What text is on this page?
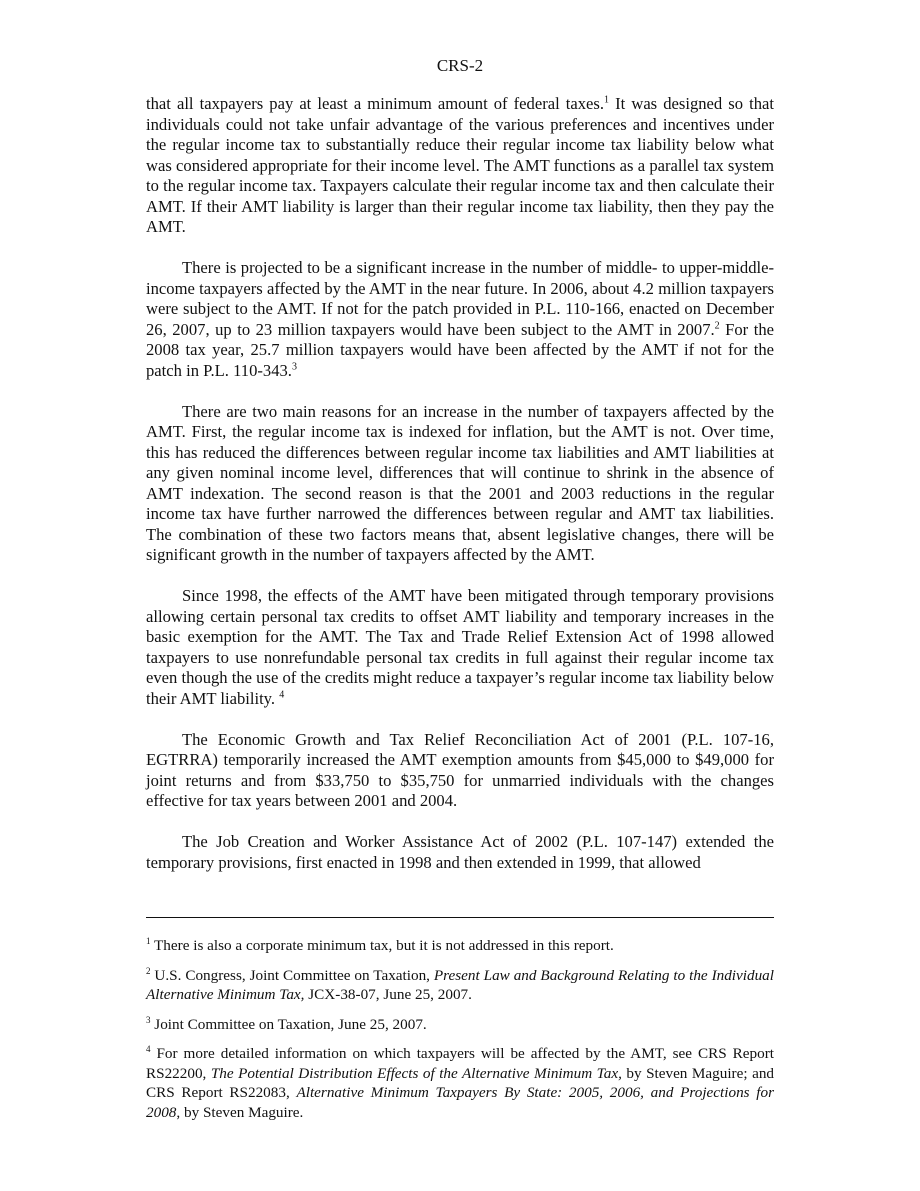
CRS-2

that all taxpayers pay at least a minimum amount of federal taxes.$^1$ It was designed so that individuals could not take unfair advantage of the various preferences and incentives under the regular income tax to substantially reduce their regular income tax liability below what was considered appropriate for their income level. The AMT functions as a parallel tax system to the regular income tax. Taxpayers calculate their regular income tax and then calculate their AMT. If their AMT liability is larger than their regular income tax liability, then they pay the AMT.

There is projected to be a significant increase in the number of middle- to upper-middle-income taxpayers affected by the AMT in the near future. In 2006, about 4.2 million taxpayers were subject to the AMT. If not for the patch provided in P.L. 110-166, enacted on December 26, 2007, up to 23 million taxpayers would have been subject to the AMT in 2007.$^2$ For the 2008 tax year, 25.7 million taxpayers would have been affected by the AMT if not for the patch in P.L. 110-343.$^3$

There are two main reasons for an increase in the number of taxpayers affected by the AMT. First, the regular income tax is indexed for inflation, but the AMT is not. Over time, this has reduced the differences between regular income tax liabilities and AMT liabilities at any given nominal income level, differences that will continue to shrink in the absence of AMT indexation. The second reason is that the 2001 and 2003 reductions in the regular income tax have further narrowed the differences between regular and AMT tax liabilities. The combination of these two factors means that, absent legislative changes, there will be significant growth in the number of taxpayers affected by the AMT.

Since 1998, the effects of the AMT have been mitigated through temporary provisions allowing certain personal tax credits to offset AMT liability and temporary increases in the basic exemption for the AMT. The Tax and Trade Relief Extension Act of 1998 allowed taxpayers to use nonrefundable personal tax credits in full against their regular income tax even though the use of the credits might reduce a taxpayer’s regular income tax liability below their AMT liability. $^4$

The Economic Growth and Tax Relief Reconciliation Act of 2001 (P.L. 107-16, EGTRRA) temporarily increased the AMT exemption amounts from $45,000 to $49,000 for joint returns and from $33,750 to $35,750 for unmarried individuals with the changes effective for tax years between 2001 and 2004.

The Job Creation and Worker Assistance Act of 2002 (P.L. 107-147) extended the temporary provisions, first enacted in 1998 and then extended in 1999, that allowed

$^1$ There is also a corporate minimum tax, but it is not addressed in this report.

$^2$ U.S. Congress, Joint Committee on Taxation, Present Law and Background Relating to the Individual Alternative Minimum Tax, JCX-38-07, June 25, 2007.

$^3$ Joint Committee on Taxation, June 25, 2007.

$^4$ For more detailed information on which taxpayers will be affected by the AMT, see CRS Report RS22200, The Potential Distribution Effects of the Alternative Minimum Tax, by Steven Maguire; and CRS Report RS22083, Alternative Minimum Taxpayers By State: 2005, 2006, and Projections for 2008, by Steven Maguire.
